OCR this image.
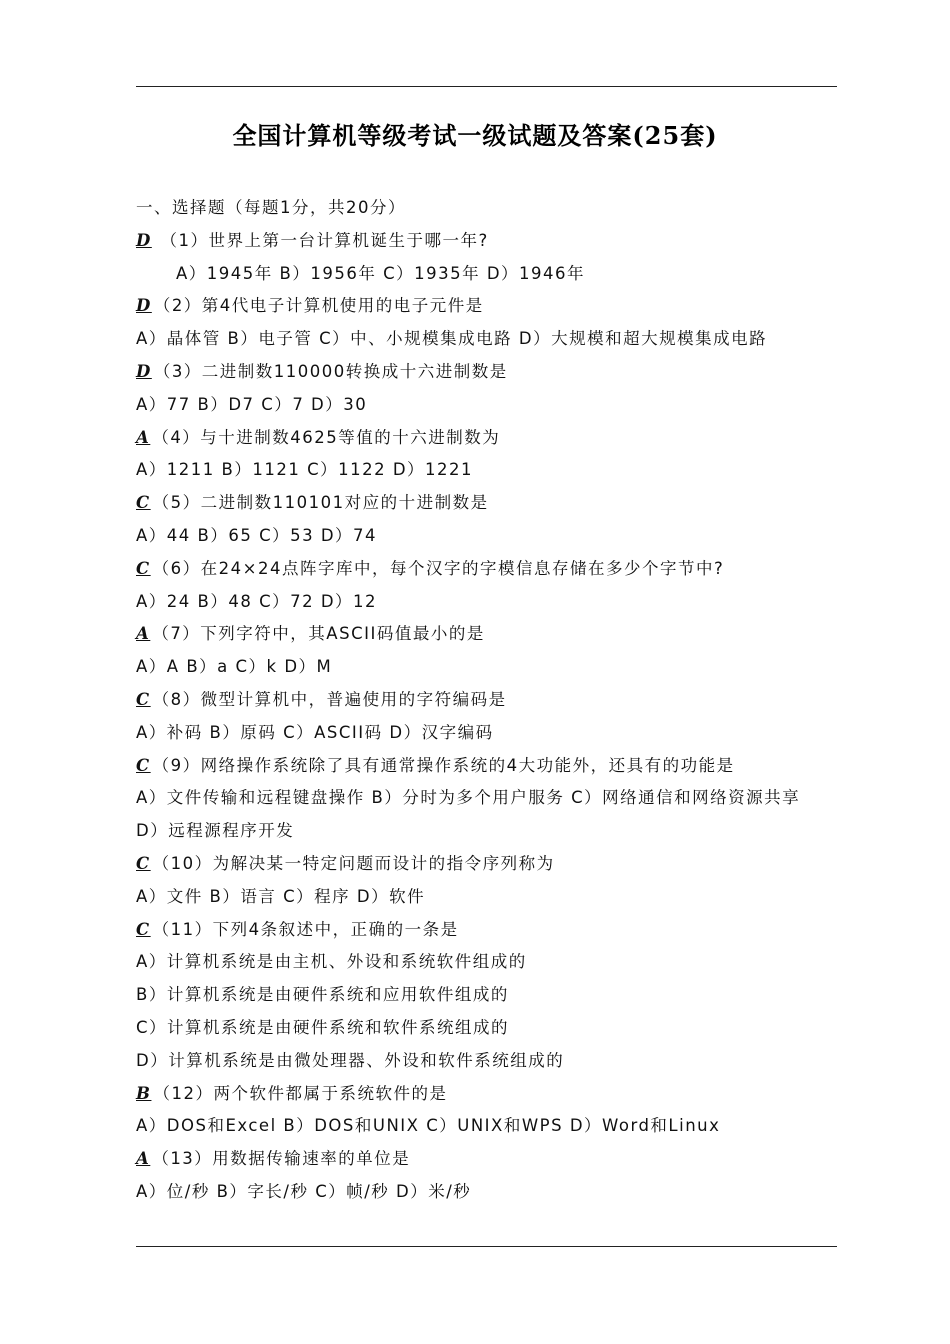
全国计算机等级考试一级试题及答案(25套)
一、选择题（每题1分，共20分）
D （1）世界上第一台计算机诞生于哪一年?
A）1945年 B）1956年 C）1935年 D）1946年
D （2）第4代电子计算机使用的电子元件是
A）晶体管 B）电子管 C）中、小规模集成电路 D）大规模和超大规模集成电路
D （3）二进制数110000转换成十六进制数是
A）77 B）D7 C）7 D）30
A （4）与十进制数4625等值的十六进制数为
A）1211 B）1121 C）1122 D）1221
C （5）二进制数110101对应的十进制数是
A）44 B）65 C）53 D）74
C （6）在24×24点阵字库中，每个汉字的字模信息存储在多少个字节中?
A）24 B）48 C）72 D）12
A （7）下列字符中，其ASCII码值最小的是
A）A B）a C）k D）M
C （8）微型计算机中，普遍使用的字符编码是
A）补码 B）原码 C）ASCII码 D）汉字编码
C （9）网络操作系统除了具有通常操作系统的4大功能外，还具有的功能是
A）文件传输和远程键盘操作 B）分时为多个用户服务 C）网络通信和网络资源共享
D）远程源程序开发
C （10）为解决某一特定问题而设计的指令序列称为
A）文件 B）语言 C）程序 D）软件
C （11）下列4条叙述中，正确的一条是
A）计算机系统是由主机、外设和系统软件组成的
B）计算机系统是由硬件系统和应用软件组成的
C）计算机系统是由硬件系统和软件系统组成的
D）计算机系统是由微处理器、外设和软件系统组成的
B （12）两个软件都属于系统软件的是
A）DOS和Excel B）DOS和UNIX C）UNIX和WPS D）Word和Linux
A （13）用数据传输速率的单位是
A）位/秒 B）字长/秒 C）帧/秒 D）米/秒
